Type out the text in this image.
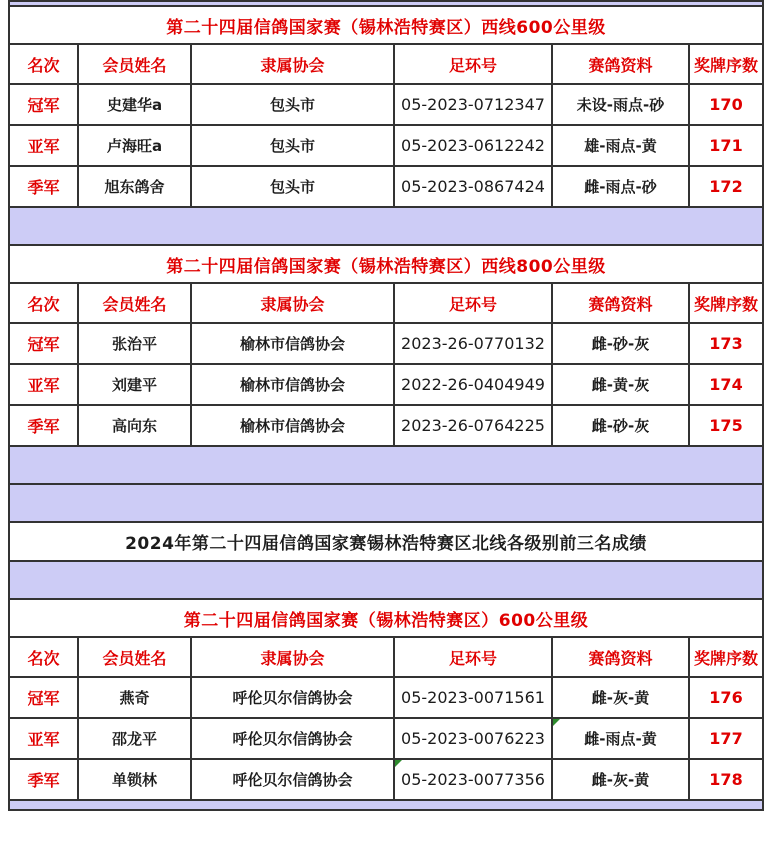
第二十四届信鸽国家赛（锡林浩特赛区）西线600公里级					
名次	会员姓名	隶属协会	足环号	赛鸽资料	奖牌序数
冠军	史建华a	包头市	05-2023-0712347	未设-雨点-砂	170
亚军	卢海旺a	包头市	05-2023-0612242	雄-雨点-黄	171
季军	旭东鸽舍	包头市	05-2023-0867424	雌-雨点-砂	172

第二十四届信鸽国家赛（锡林浩特赛区）西线800公里级					
名次	会员姓名	隶属协会	足环号	赛鸽资料	奖牌序数
冠军	张治平	榆林市信鸽协会	2023-26-0770132	雌-砂-灰	173
亚军	刘建平	榆林市信鸽协会	2022-26-0404949	雌-黄-灰	174
季军	高向东	榆林市信鸽协会	2023-26-0764225	雌-砂-灰	175

2024年第二十四届信鸽国家赛锡林浩特赛区北线各级别前三名成绩					

第二十四届信鸽国家赛（锡林浩特赛区）600公里级					
名次	会员姓名	隶属协会	足环号	赛鸽资料	奖牌序数
冠军	燕奇	呼伦贝尔信鸽协会	05-2023-0071561	雌-灰-黄	176
亚军	邵龙平	呼伦贝尔信鸽协会	05-2023-0076223	雌-雨点-黄	177
季军	单锁林	呼伦贝尔信鸽协会	05-2023-0077356	雌-灰-黄	178
